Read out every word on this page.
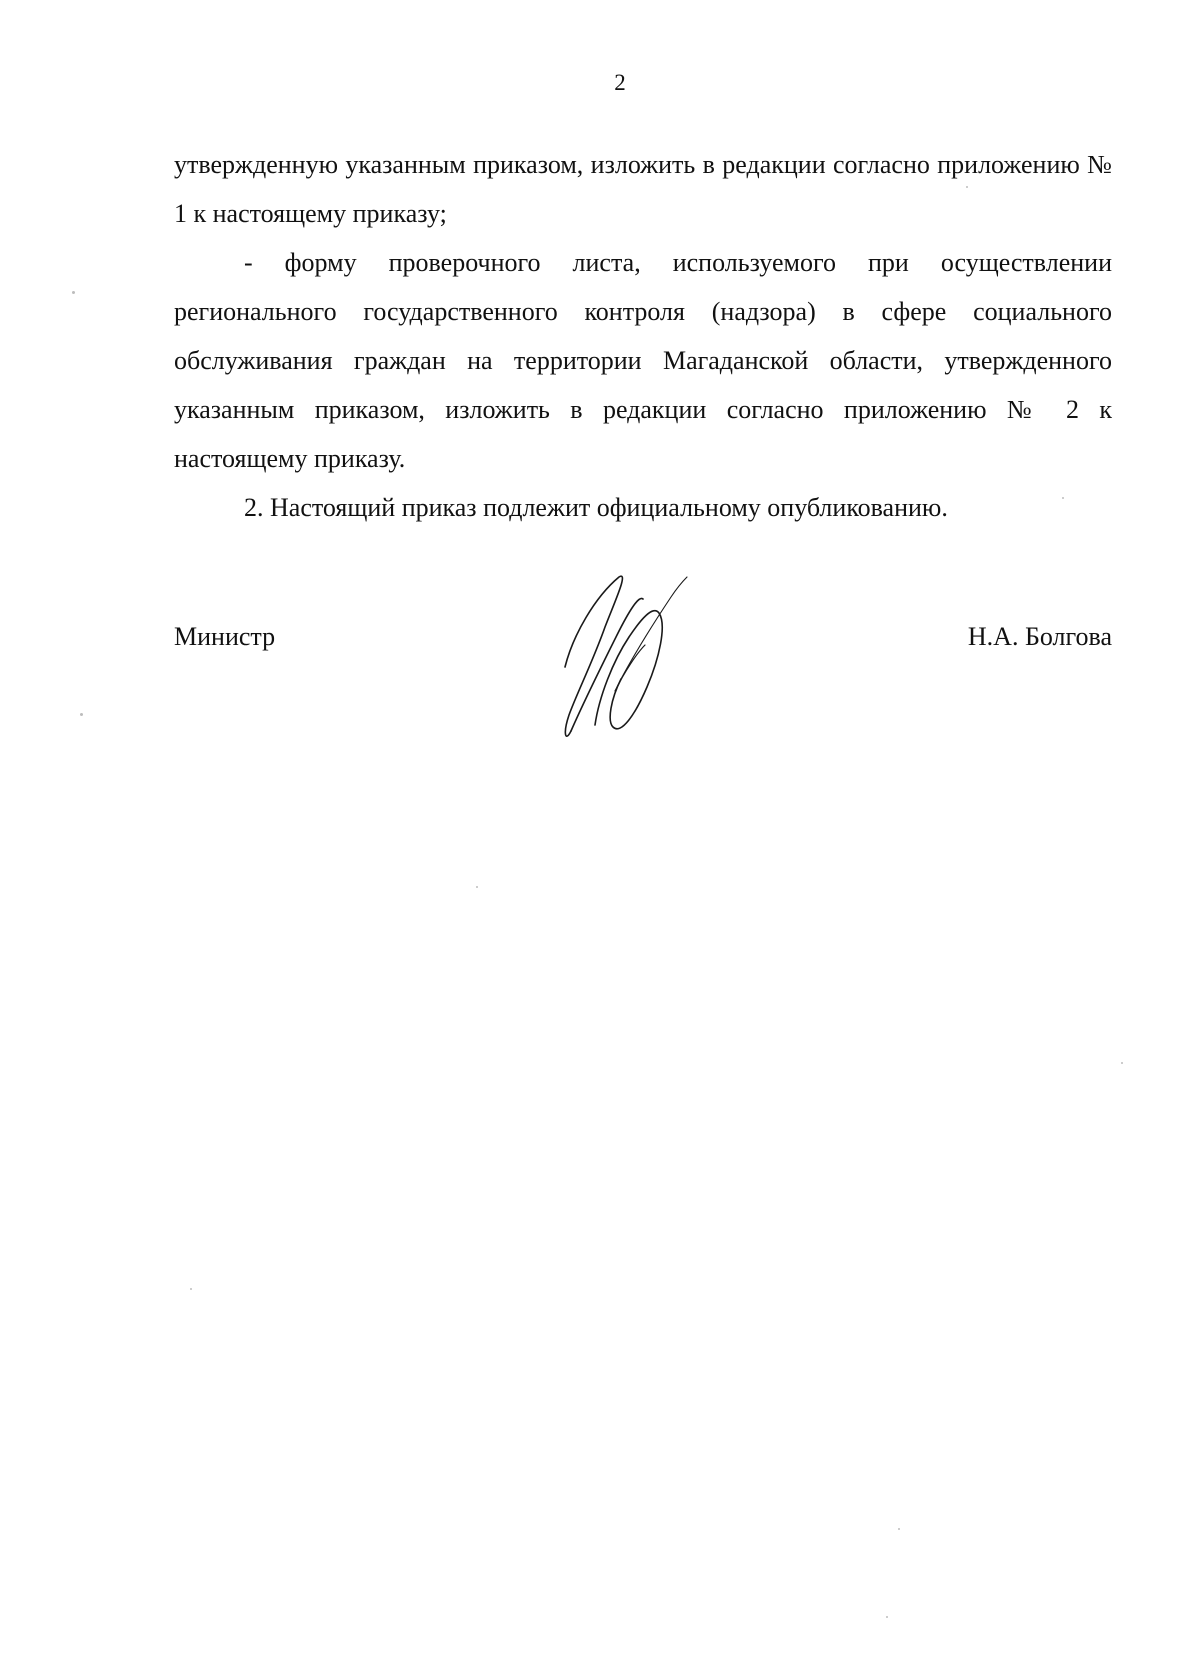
2

утвержденную указанным приказом, изложить в редакции согласно приложению № 1 к настоящему приказу;

- форму проверочного листа, используемого при осуществлении регионального государственного контроля (надзора) в сфере социального обслуживания граждан на территории Магаданской области, утвержденного указанным приказом, изложить в редакции согласно приложению № 2 к настоящему приказу.

2. Настоящий приказ подлежит официальному опубликованию.

Министр	Н.А. Болгова
